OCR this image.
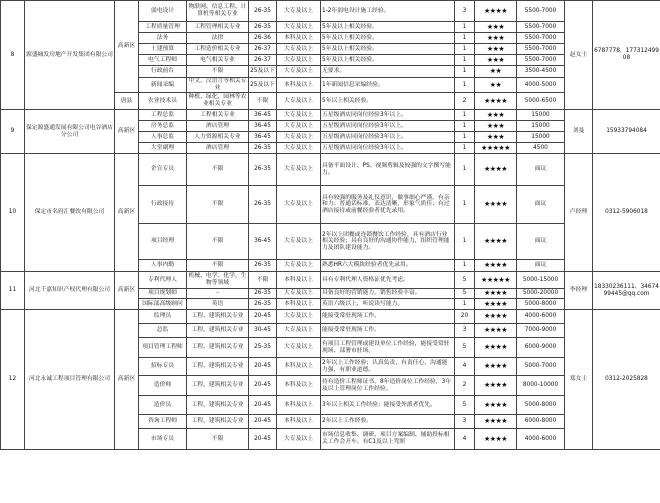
8	源盛城发房地产开发集团有限公司	高新区	弱电设计	物联网、信息工程、计算机等相关专业	26-35	大专及以上	1-2年弱电设计施工经验。	3	★★★★	5500-7000	赵女士	6787778，17731249908
			工程质量管理	工程管理相关专业	26-35	大专及以上	5年及以上相关经验。	1	★★★	5500-7000		
			法务	法律	26-36	本科及以上	5年及以上相关经验。	1	★★★	5500-7000		
			土建预算	工程造价相关专业	26-37	大专及以上	5年及以上相关经验。	1	★★★	5500-7000		
			电气工程师	电气相关专业	26-37	大专及以上	5年及以上相关经验。	1	★★★	5500-7000		
			行政前台	不限	25及以下	大专及以上	无要求。	1	★★	3500-4500		
			新闻采编	中文、汉语言等相关专业	25及以下	本科及以上	1年新闻信息采编经验。	1	★★	4000-5000		
		唐县	农业技术员	种植、绿化、园林等农业相关专业	不限	大专及以上	5年以上相关经验。	2	★★★★	5000-6500		
9	保定源盛通发展有限公司电谷酒店分公司	高新区	工程总监	工程相关专业	36-45	大专及以上	五星级酒店同岗位经验3年以上。	1	★★★	15000	刘曼	15933794084
			房务总监	酒店管理	36-45	大专及以上	五星级酒店同岗位经验3年以上。	1	★★★	15000		
			人事总监	人力资源相关专业	36-45	大专及以上	五星级酒店同岗位经验3年以上。	1	★★★	15000		
			大堂副理	酒店管理	26-35	大专及以上	五星级酒店同岗位经验3年以上。	1	★★★★★	4500		
10	保定市名府汇餐饮有限公司	高新区	企宣专员	不限	26-35	大专及以上	具备平面设计、PS、视频剪辑及较强的文字撰写能力。	1	★★★★	面议	卢经理	0312-5906018
			行政接待	不限	26-35	大专及以上	具有较强的服务及礼仪意识，做事细心严谨，有亲和力；普通话标准，表达清晰，形象气质佳；有过酒店接待或前餐经验者优先录用。	1	★★★★	面议		
			项目经理	不限	36-45	大专及以上	2年以上团餐或连锁餐饮工作经验，具有酒店行业相关经验；具有良好的沟通协作能力，组织管理能力及团队建设能力。	1	★★★★	面议		
			人事内勤	不限	26-35	大专及以上	熟悉HR六大模块经验者优先录用。	1	★★★★	面议		
11	河北千嘉知识产权代理有限公司	高新区	专利代理人	机械、电学、化学、生物等领域	不限	本科及以上	具有专利代理人资格证优先考虑。	5	★★★★★	5000-15000	李经理	18330236111、3467499445@qq.com
			项目规划师	-	26-35	大专及以上	具备良好的营销能力，销售经验丰富。	5	★★★★	5000-20000		
			国际部高级顾问	英语	26-35	本科及以上	英语六级以上，听说读写能力。	1	★★★★	5000-8000		
12	河北永诚工程项目管理有限公司	高新区	监理员	工程、建筑相关专业	20-45	大专及以上	能接受常驻现场工作。	20	★★★★	4000-6000	郑女士	0312-2025828
			总监	工程、建筑相关专业	30-45	大专及以上	能接受常驻现场工作。	3	★★★★	7000-9000		
			项目管理工程师	工程、建筑相关专业	25-35	大专及以上	有项目工程管理或建设单位工作经验，能接受常驻现场、部署市驻场。	5	★★★★	6000-9000		
			招标专员	工程、建筑相关专业	20-45	本科及以上	2年以上工作经验；认真负责，有责任心，沟通能力强，有职业道德。	4	★★★★	5000-7000		
			造价师	工程、建筑相关专业	20-45	本科及以上	持有造价工程师证书，8年造价岗位工作经验，3年及以上管理岗位工作经验。	2	★★★★	8000-10000		
			造价员	工程、建筑相关专业	20-45	本科及以上	3年以上相关工作经验；能接受外派者优先。	5	★★★★	5000-8000		
			咨询工程师	工程、建筑相关专业	20-45	本科及以上	2年以上工作经验。	3	★★★★	6000-8000		
			市场专员	不限	20-45	大专及以上	市场信息收集、调研、项目方案编制、辅助投标相关工作会开车、有C1及以上驾照	4	★★★★	4000-6000		
